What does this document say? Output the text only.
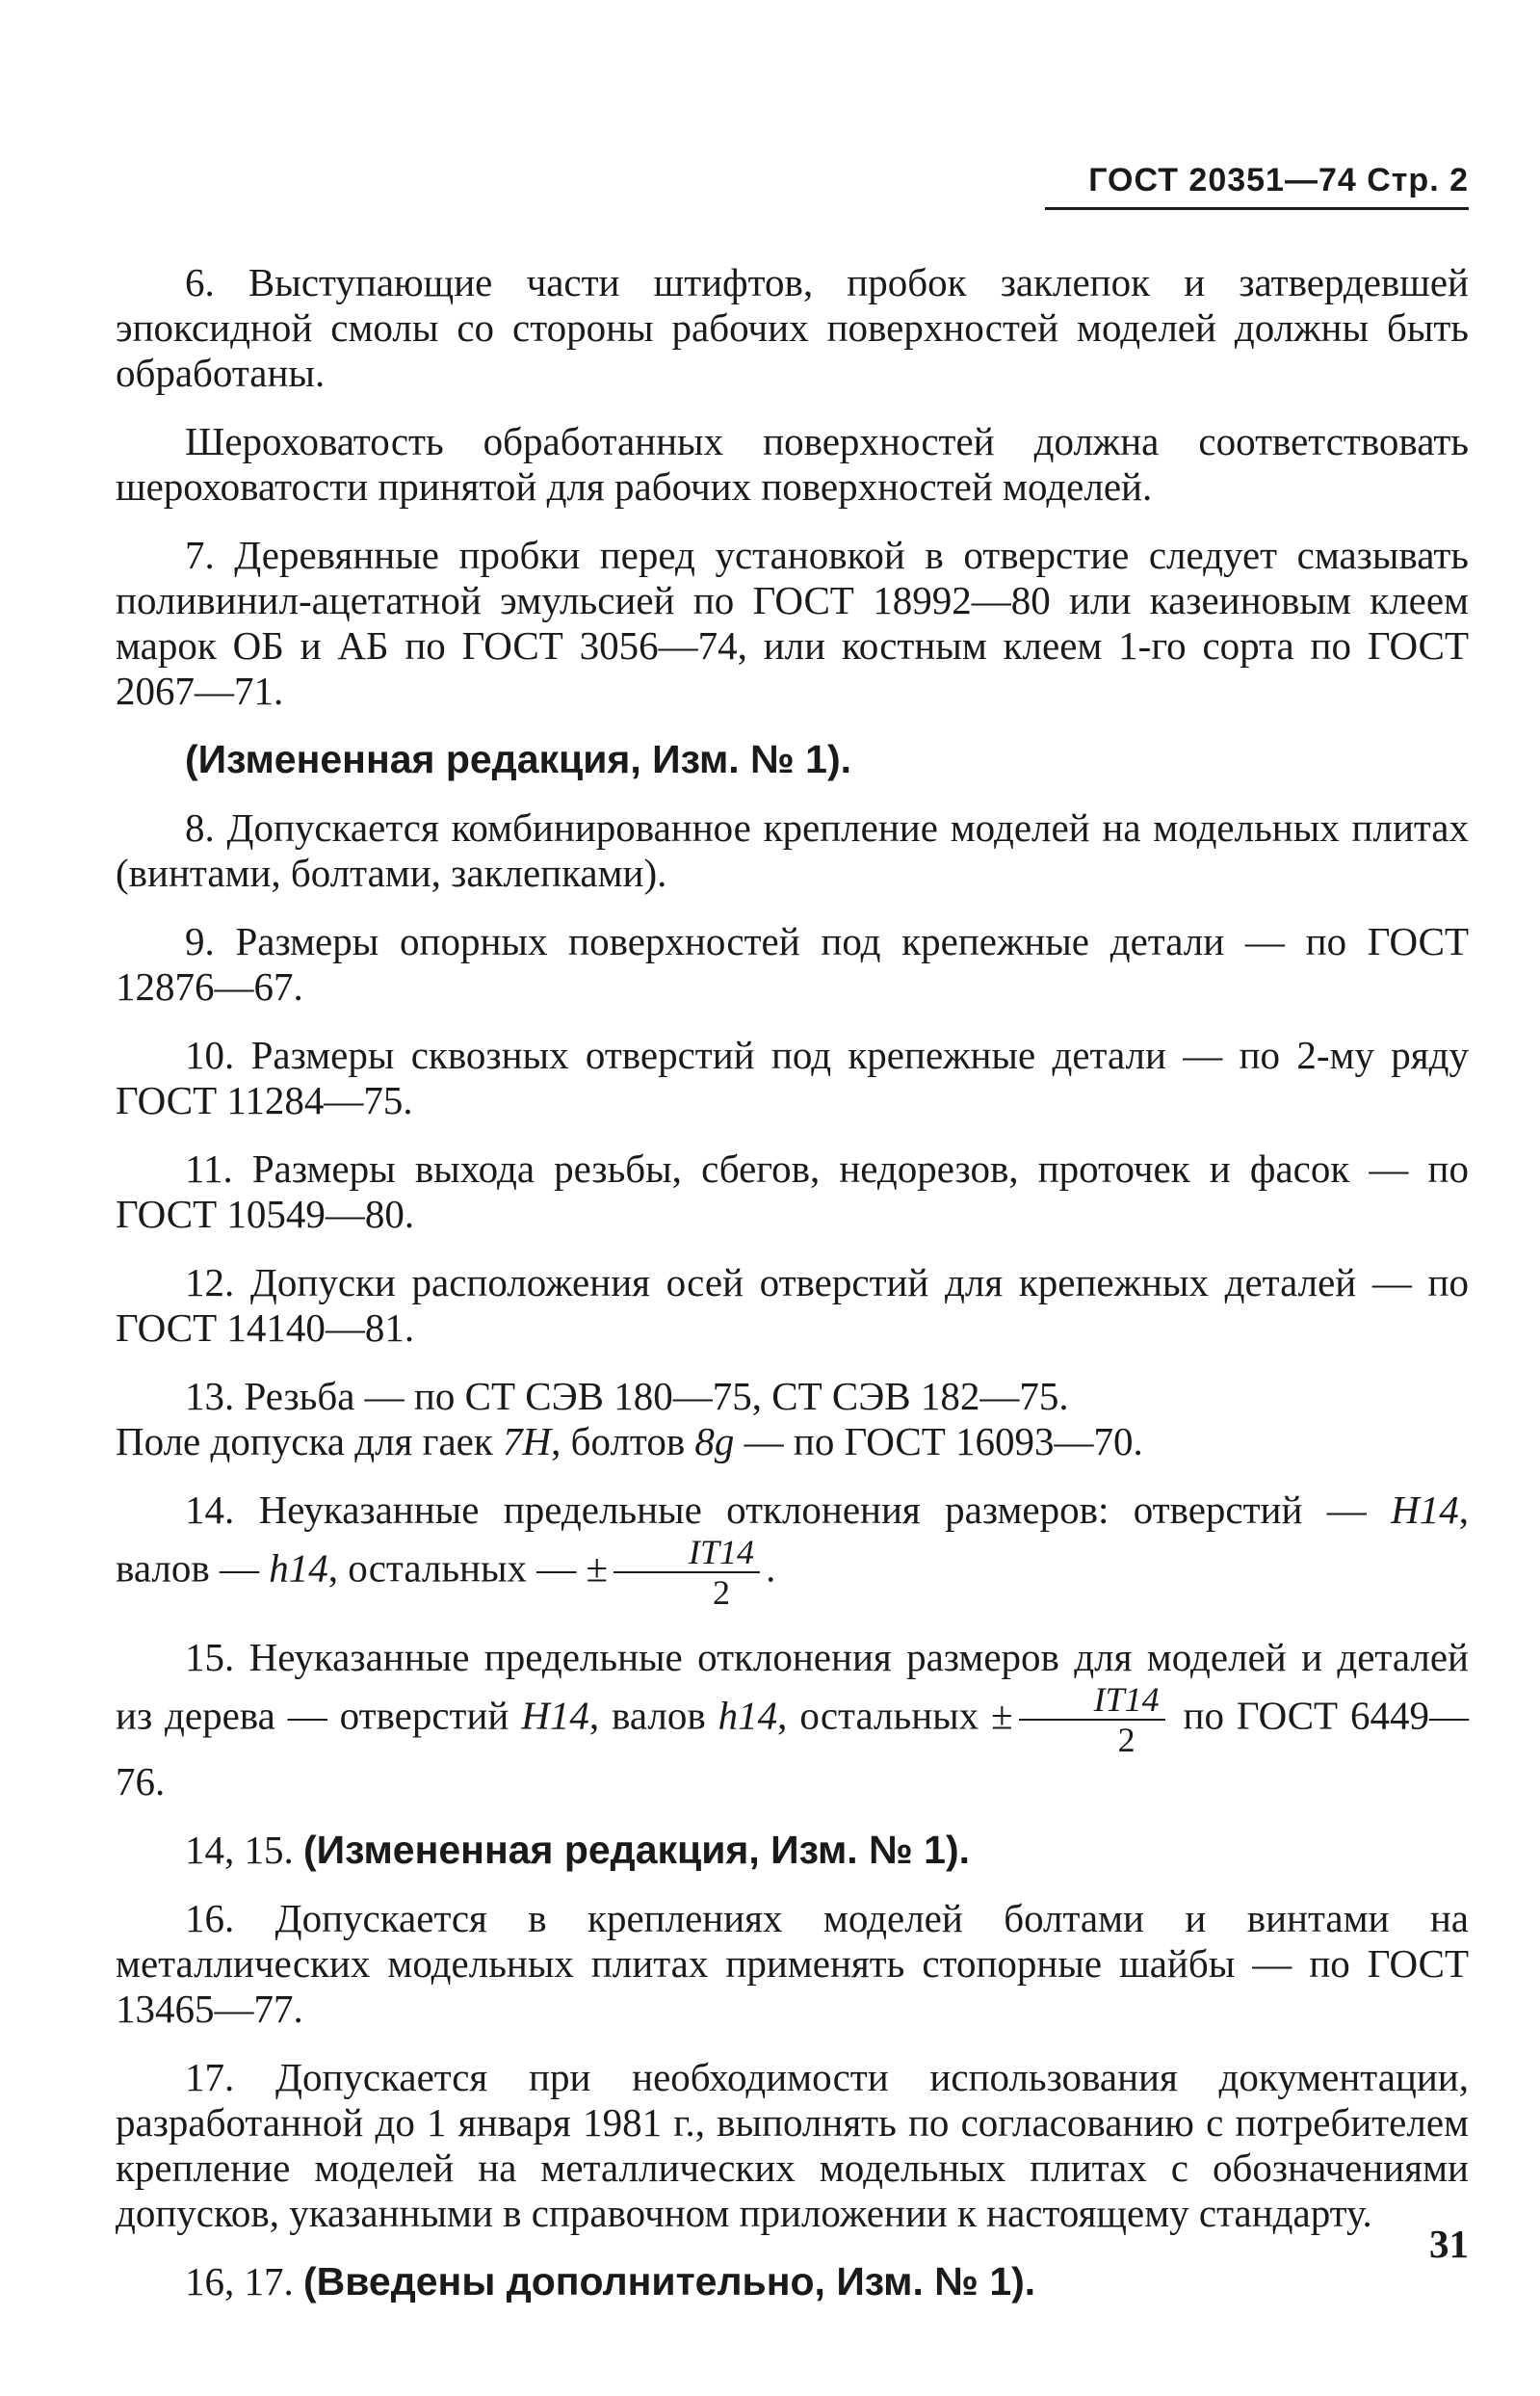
ГОСТ 20351—74 Стр. 2

6. Выступающие части штифтов, пробок заклепок и затвердевшей эпоксидной смолы со стороны рабочих поверхностей моделей должны быть обработаны.

Шероховатость обработанных поверхностей должна соответствовать шероховатости принятой для рабочих поверхностей моделей.

7. Деревянные пробки перед установкой в отверстие следует смазывать поливинил-ацетатной эмульсией по ГОСТ 18992—80 или казеиновым клеем марок ОБ и АБ по ГОСТ 3056—74, или костным клеем 1-го сорта по ГОСТ 2067—71.

(Измененная редакция, Изм. № 1).

8. Допускается комбинированное крепление моделей на модельных плитах (винтами, болтами, заклепками).

9. Размеры опорных поверхностей под крепежные детали — по ГОСТ 12876—67.

10. Размеры сквозных отверстий под крепежные детали — по 2-му ряду ГОСТ 11284—75.

11. Размеры выхода резьбы, сбегов, недорезов, проточек и фасок — по ГОСТ 10549—80.

12. Допуски расположения осей отверстий для крепежных деталей — по ГОСТ 14140—81.

13. Резьба — по СТ СЭВ 180—75, СТ СЭВ 182—75.

Поле допуска для гаек 7H, болтов 8g — по ГОСТ 16093—70.

14. Неуказанные предельные отклонения размеров: отверстий — H14, валов — h14, остальных — ± $\frac{IT14}{2}$ .

15. Неуказанные предельные отклонения размеров для моделей и деталей из дерева — отверстий H14, валов h14, остальных ± $\frac{IT14}{2}$ по ГОСТ 6449—76.

14, 15. (Измененная редакция, Изм. № 1).

16. Допускается в креплениях моделей болтами и винтами на металлических модельных плитах применять стопорные шайбы — по ГОСТ 13465—77.

17. Допускается при необходимости использования документации, разработанной до 1 января 1981 г., выполнять по согласованию с потребителем крепление моделей на металлических модельных плитах с обозначениями допусков, указанными в справочном приложении к настоящему стандарту.

16, 17. (Введены дополнительно, Изм. № 1).

31
